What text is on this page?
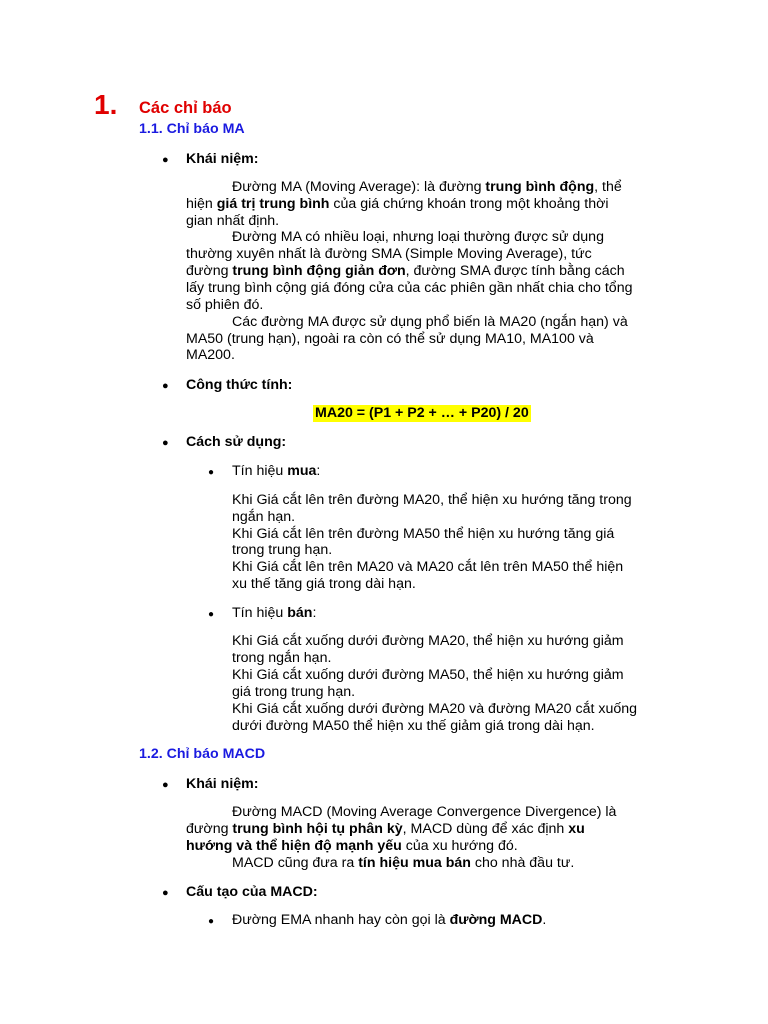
1. Các chỉ báo
1.1. Chỉ báo MA
● Khái niệm:
Đường MA (Moving Average): là đường trung bình động, thể
hiện giá trị trung bình của giá chứng khoán trong một khoảng thời
gian nhất định.
Đường MA có nhiều loại, nhưng loại thường được sử dụng
thường xuyên nhất là đường SMA (Simple Moving Average), tức
đường trung bình động giản đơn, đường SMA được tính bằng cách
lấy trung bình cộng giá đóng cửa của các phiên gần nhất chia cho tổng
số phiên đó.
Các đường MA được sử dụng phổ biến là MA20 (ngắn hạn) và
MA50 (trung hạn), ngoài ra còn có thể sử dụng MA10, MA100 và
MA200.
● Công thức tính:
MA20 = (P1 + P2 + … + P20) / 20
● Cách sử dụng:
● Tín hiệu mua:
Khi Giá cắt lên trên đường MA20, thể hiện xu hướng tăng trong
ngắn hạn.
Khi Giá cắt lên trên đường MA50 thể hiện xu hướng tăng giá
trong trung hạn.
Khi Giá cắt lên trên MA20 và MA20 cắt lên trên MA50 thể hiện
xu thế tăng giá trong dài hạn.
● Tín hiệu bán:
Khi Giá cắt xuống dưới đường MA20, thể hiện xu hướng giảm
trong ngắn hạn.
Khi Giá cắt xuống dưới đường MA50, thể hiện xu hướng giảm
giá trong trung hạn.
Khi Giá cắt xuống dưới đường MA20 và đường MA20 cắt xuống
dưới đường MA50 thể hiện xu thế giảm giá trong dài hạn.
1.2. Chỉ báo MACD
● Khái niệm:
Đường MACD (Moving Average Convergence Divergence) là
đường trung bình hội tụ phân kỳ, MACD dùng để xác định xu
hướng và thể hiện độ mạnh yếu của xu hướng đó.
MACD cũng đưa ra tín hiệu mua bán cho nhà đầu tư.
● Cấu tạo của MACD:
● Đường EMA nhanh hay còn gọi là đường MACD.
